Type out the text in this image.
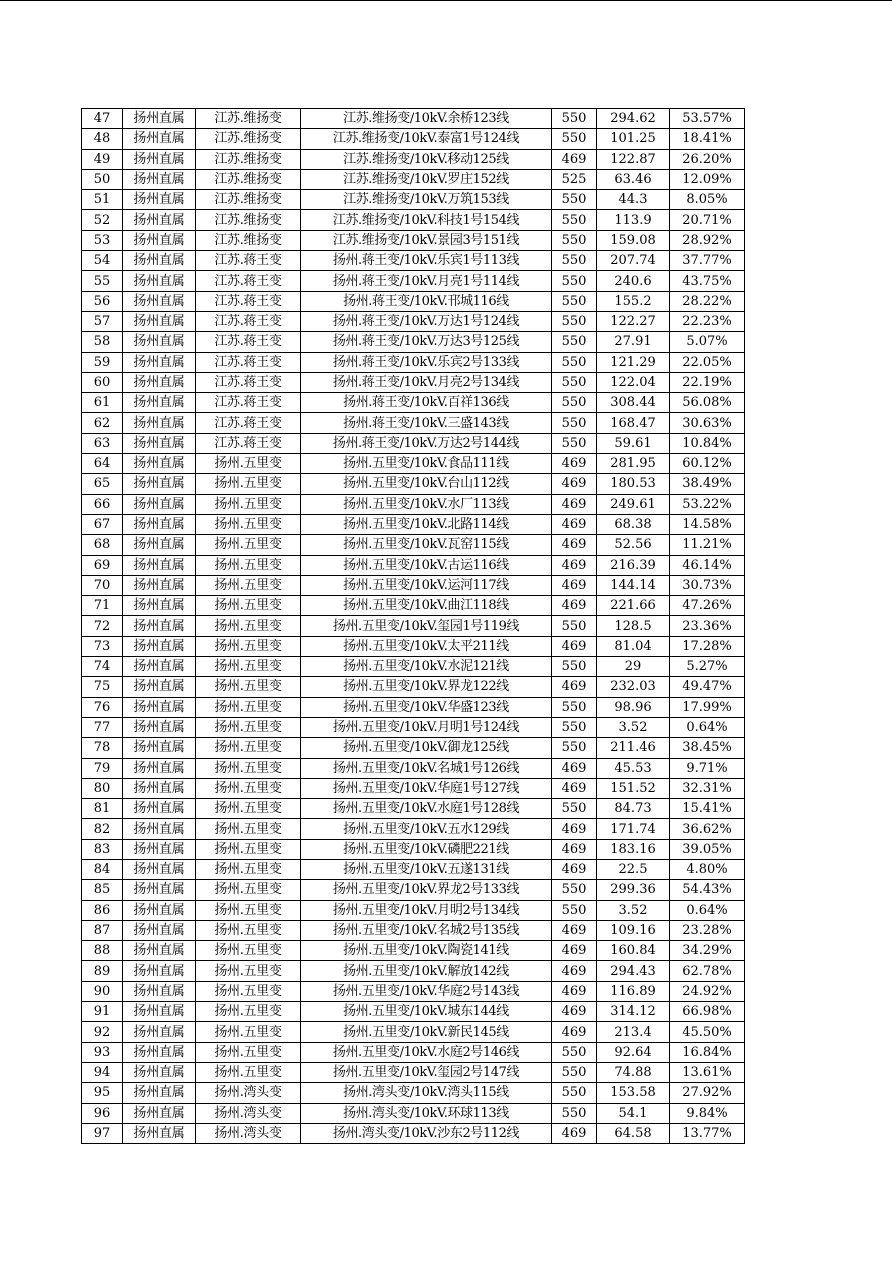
47	扬州直属	江苏.维扬变	江苏.维扬变/10kV.余桥123线	550	294.62	53.57%
48	扬州直属	江苏.维扬变	江苏.维扬变/10kV.泰富1号124线	550	101.25	18.41%
49	扬州直属	江苏.维扬变	江苏.维扬变/10kV.移动125线	469	122.87	26.20%
50	扬州直属	江苏.维扬变	江苏.维扬变/10kV.罗庄152线	525	63.46	12.09%
51	扬州直属	江苏.维扬变	江苏.维扬变/10kV.万筑153线	550	44.3	8.05%
52	扬州直属	江苏.维扬变	江苏.维扬变/10kV.科技1号154线	550	113.9	20.71%
53	扬州直属	江苏.维扬变	江苏.维扬变/10kV.景园3号151线	550	159.08	28.92%
54	扬州直属	江苏.蒋王变	扬州.蒋王变/10kV.乐宾1号113线	550	207.74	37.77%
55	扬州直属	江苏.蒋王变	扬州.蒋王变/10kV.月亮1号114线	550	240.6	43.75%
56	扬州直属	江苏.蒋王变	扬州.蒋王变/10kV.邗城116线	550	155.2	28.22%
57	扬州直属	江苏.蒋王变	扬州.蒋王变/10kV.万达1号124线	550	122.27	22.23%
58	扬州直属	江苏.蒋王变	扬州.蒋王变/10kV.万达3号125线	550	27.91	5.07%
59	扬州直属	江苏.蒋王变	扬州.蒋王变/10kV.乐宾2号133线	550	121.29	22.05%
60	扬州直属	江苏.蒋王变	扬州.蒋王变/10kV.月亮2号134线	550	122.04	22.19%
61	扬州直属	江苏.蒋王变	扬州.蒋王变/10kV.百祥136线	550	308.44	56.08%
62	扬州直属	江苏.蒋王变	扬州.蒋王变/10kV.三盛143线	550	168.47	30.63%
63	扬州直属	江苏.蒋王变	扬州.蒋王变/10kV.万达2号144线	550	59.61	10.84%
64	扬州直属	扬州.五里变	扬州.五里变/10kV.食品111线	469	281.95	60.12%
65	扬州直属	扬州.五里变	扬州.五里变/10kV.台山112线	469	180.53	38.49%
66	扬州直属	扬州.五里变	扬州.五里变/10kV.水厂113线	469	249.61	53.22%
67	扬州直属	扬州.五里变	扬州.五里变/10kV.北路114线	469	68.38	14.58%
68	扬州直属	扬州.五里变	扬州.五里变/10kV.瓦窑115线	469	52.56	11.21%
69	扬州直属	扬州.五里变	扬州.五里变/10kV.古运116线	469	216.39	46.14%
70	扬州直属	扬州.五里变	扬州.五里变/10kV.运河117线	469	144.14	30.73%
71	扬州直属	扬州.五里变	扬州.五里变/10kV.曲江118线	469	221.66	47.26%
72	扬州直属	扬州.五里变	扬州.五里变/10kV.玺园1号119线	550	128.5	23.36%
73	扬州直属	扬州.五里变	扬州.五里变/10kV.太平211线	469	81.04	17.28%
74	扬州直属	扬州.五里变	扬州.五里变/10kV.水泥121线	550	29	5.27%
75	扬州直属	扬州.五里变	扬州.五里变/10kV.界龙122线	469	232.03	49.47%
76	扬州直属	扬州.五里变	扬州.五里变/10kV.华盛123线	550	98.96	17.99%
77	扬州直属	扬州.五里变	扬州.五里变/10kV.月明1号124线	550	3.52	0.64%
78	扬州直属	扬州.五里变	扬州.五里变/10kV.御龙125线	550	211.46	38.45%
79	扬州直属	扬州.五里变	扬州.五里变/10kV.名城1号126线	469	45.53	9.71%
80	扬州直属	扬州.五里变	扬州.五里变/10kV.华庭1号127线	469	151.52	32.31%
81	扬州直属	扬州.五里变	扬州.五里变/10kV.水庭1号128线	550	84.73	15.41%
82	扬州直属	扬州.五里变	扬州.五里变/10kV.五水129线	469	171.74	36.62%
83	扬州直属	扬州.五里变	扬州.五里变/10kV.磷肥221线	469	183.16	39.05%
84	扬州直属	扬州.五里变	扬州.五里变/10kV.五遂131线	469	22.5	4.80%
85	扬州直属	扬州.五里变	扬州.五里变/10kV.界龙2号133线	550	299.36	54.43%
86	扬州直属	扬州.五里变	扬州.五里变/10kV.月明2号134线	550	3.52	0.64%
87	扬州直属	扬州.五里变	扬州.五里变/10kV.名城2号135线	469	109.16	23.28%
88	扬州直属	扬州.五里变	扬州.五里变/10kV.陶瓷141线	469	160.84	34.29%
89	扬州直属	扬州.五里变	扬州.五里变/10kV.解放142线	469	294.43	62.78%
90	扬州直属	扬州.五里变	扬州.五里变/10kV.华庭2号143线	469	116.89	24.92%
91	扬州直属	扬州.五里变	扬州.五里变/10kV.城东144线	469	314.12	66.98%
92	扬州直属	扬州.五里变	扬州.五里变/10kV.新民145线	469	213.4	45.50%
93	扬州直属	扬州.五里变	扬州.五里变/10kV.水庭2号146线	550	92.64	16.84%
94	扬州直属	扬州.五里变	扬州.五里变/10kV.玺园2号147线	550	74.88	13.61%
95	扬州直属	扬州.湾头变	扬州.湾头变/10kV.湾头115线	550	153.58	27.92%
96	扬州直属	扬州.湾头变	扬州.湾头变/10kV.环球113线	550	54.1	9.84%
97	扬州直属	扬州.湾头变	扬州.湾头变/10kV.沙东2号112线	469	64.58	13.77%
